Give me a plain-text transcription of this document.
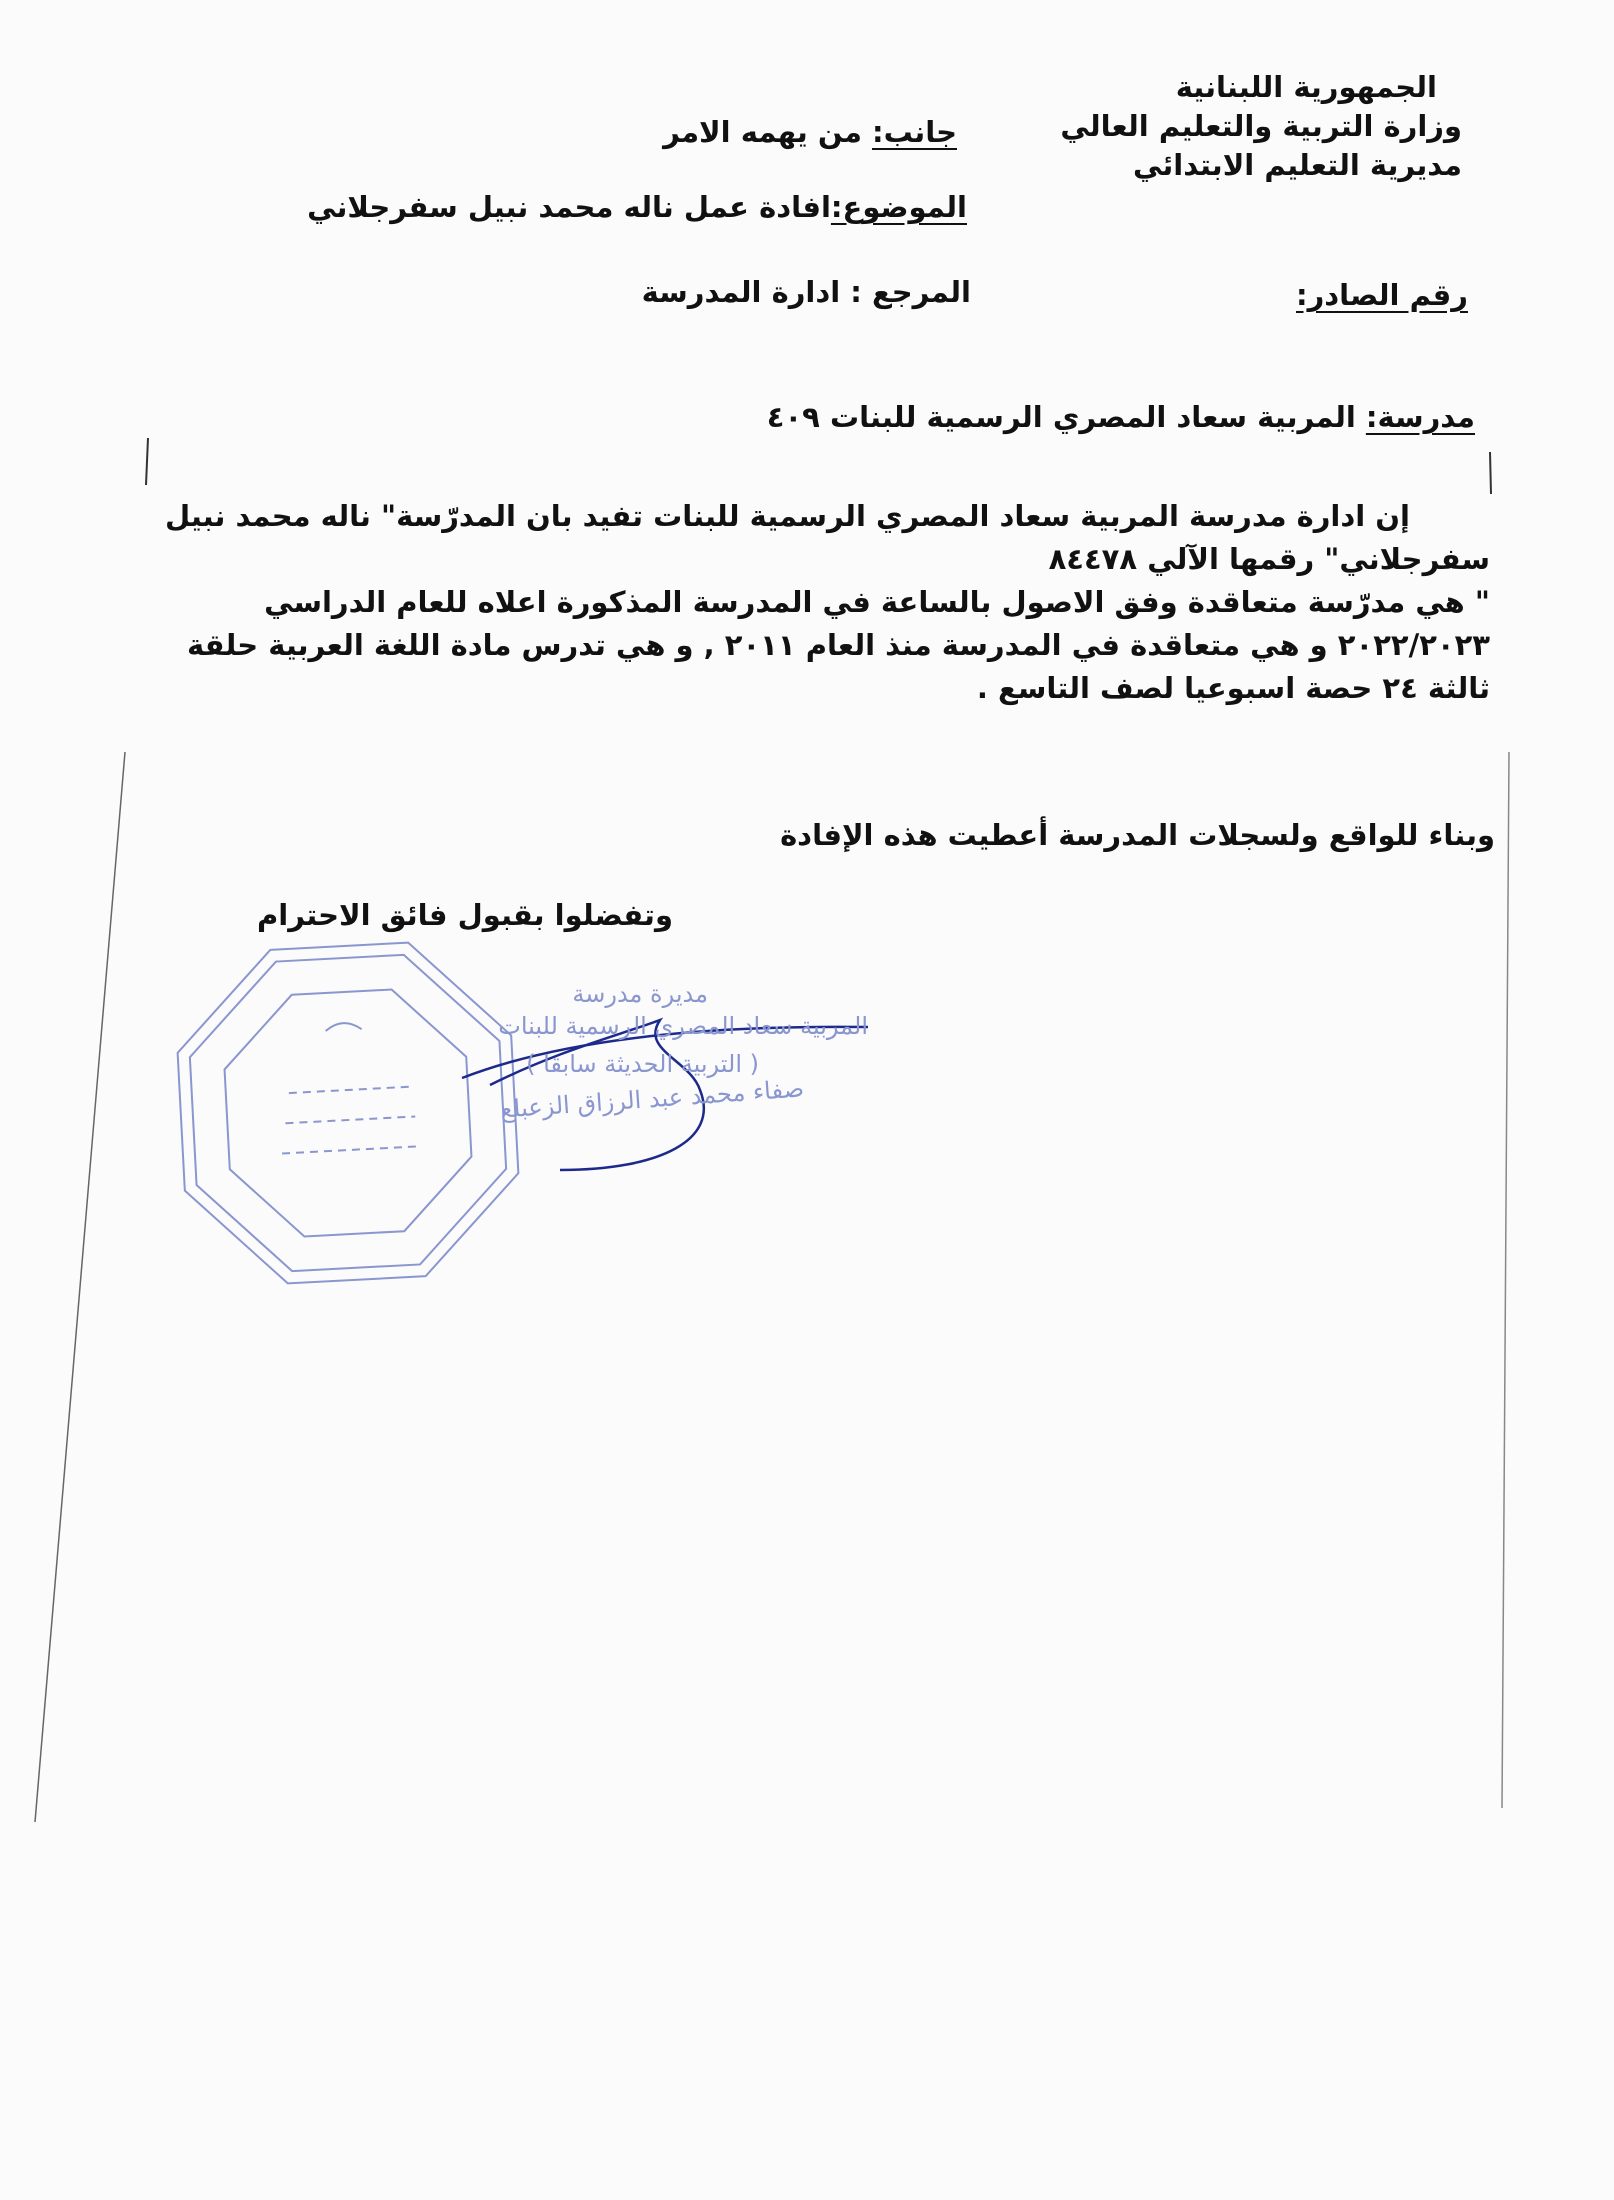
الجمهورية اللبنانية
وزارة التربية والتعليم العالي
مديرية التعليم الابتدائي
جانب: من يهمه الامر
الموضوع:افادة عمل ناله محمد نبيل سفرجلاني
المرجع : ادارة المدرسة	رقم الصادر:
مدرسة: المربية سعاد المصري الرسمية للبنات ٤٠٩
إن ادارة مدرسة المربية سعاد المصري الرسمية للبنات تفيد بان المدرّسة" ناله محمد نبيل
سفرجلاني" رقمها الآلي ٨٤٤٧٨
" هي مدرّسة متعاقدة وفق الاصول بالساعة في المدرسة المذكورة اعلاه للعام الدراسي
٢٠٢٢/٢٠٢٣ و هي متعاقدة في المدرسة منذ العام ٢٠١١ , و هي تدرس مادة اللغة العربية حلقة
ثالثة ٢٤ حصة اسبوعيا لصف التاسع .
وبناء للواقع ولسجلات المدرسة أعطيت هذه الإفادة
وتفضلوا بقبول فائق الاحترام
مديرة مدرسة
المربية سعاد المصري الرسمية للبنات
( التربية الحديثة سابقا )
صفاء محمد عبد الرزاق الزعبلع
